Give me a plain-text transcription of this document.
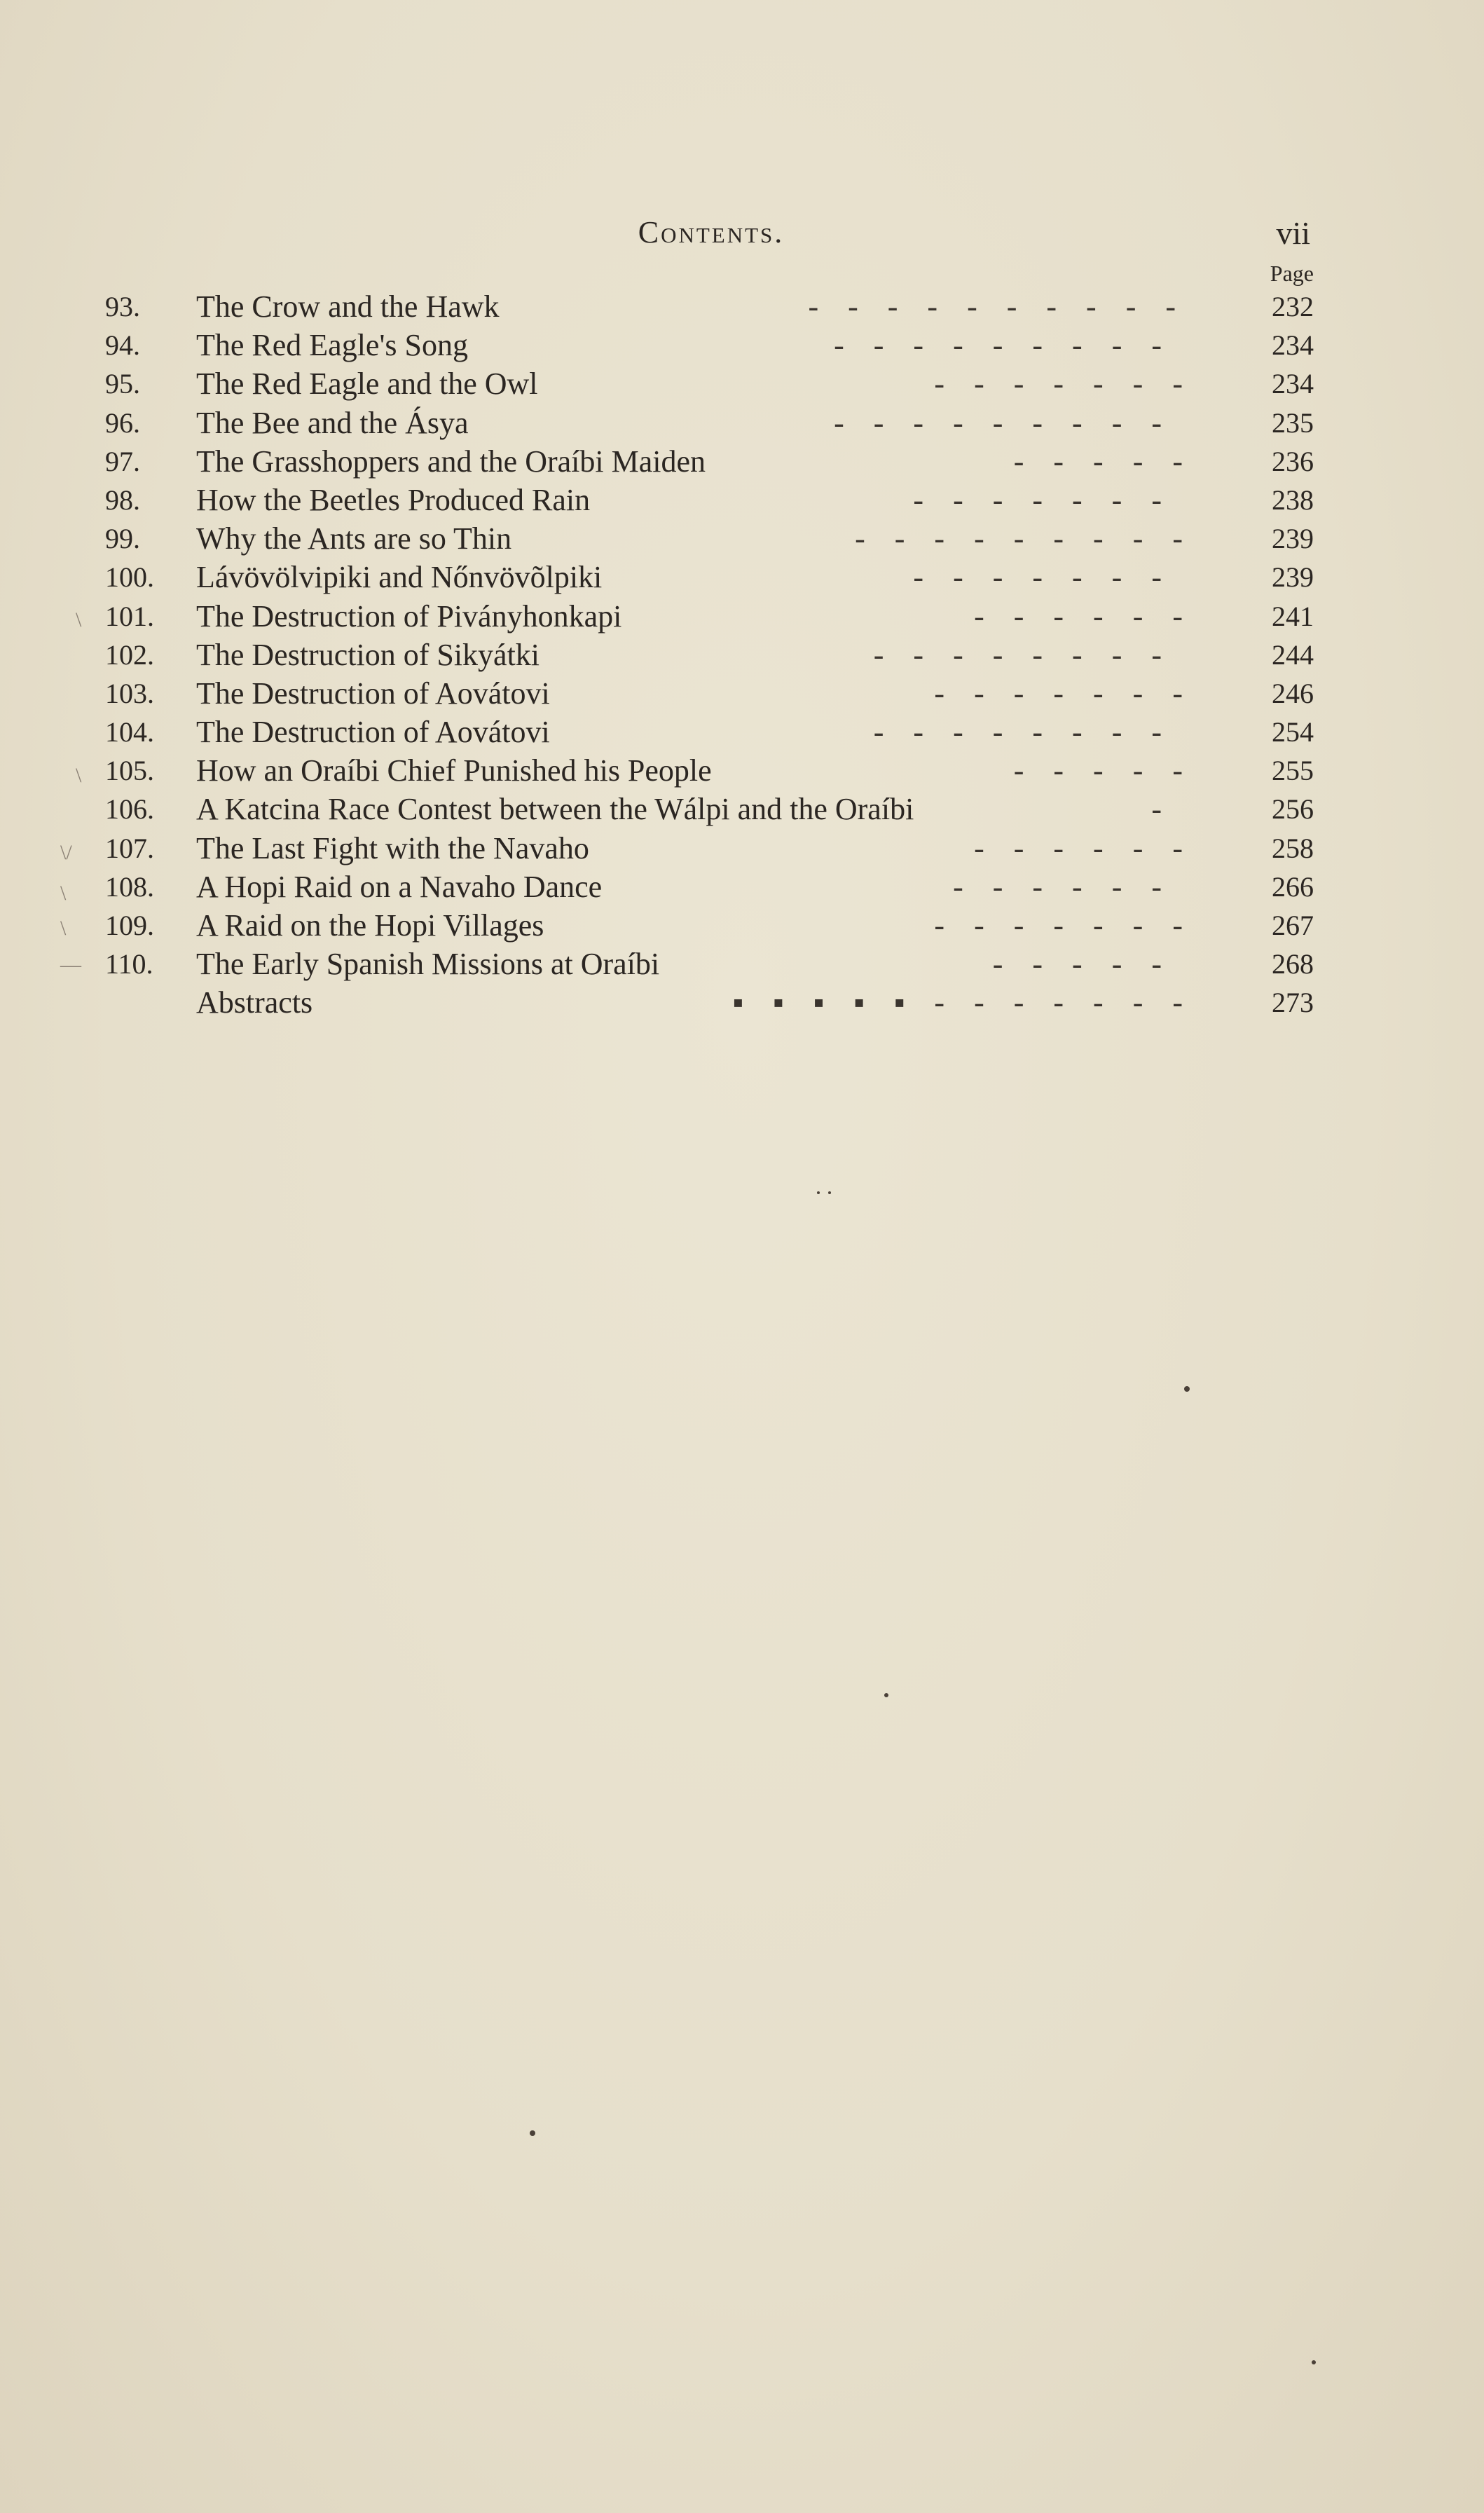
Contents.	vii
Page
93.	The Crow and the Hawk	----------	232
94.	The Red Eagle's Song	---------	234
95.	The Red Eagle and the Owl	-------	234
96.	The Bee and the Ásya	---------	235
97.	The Grasshoppers and the Oraíbi Maiden	-----	236
98.	How the Beetles Produced Rain	-------	238
99.	Why the Ants are so Thin	---------	239
100. Lávövölvipiki and Nőnvövõlpiki	-------	239
101. The Destruction of Piványhonkapi	------	241
102. The Destruction of Sikyátki	--------	244
103. The Destruction of Aovátovi	-------	246
104. The Destruction of Aovátovi	--------	254
105. How an Oraíbi Chief Punished his People	-----	255
106. A Katcina Race Contest between the Wálpi and the Oraíbi	-	256
107. The Last Fight with the Navaho	------	258
108. A Hopi Raid on a Navaho Dance	------	266
109. A Raid on the Hopi Villages	-------	267
110. The Early Spanish Missions at Oraíbi	-----	268
Abstracts	▪▪▪▪▪-------	273
\
\
\/
\
\
—
